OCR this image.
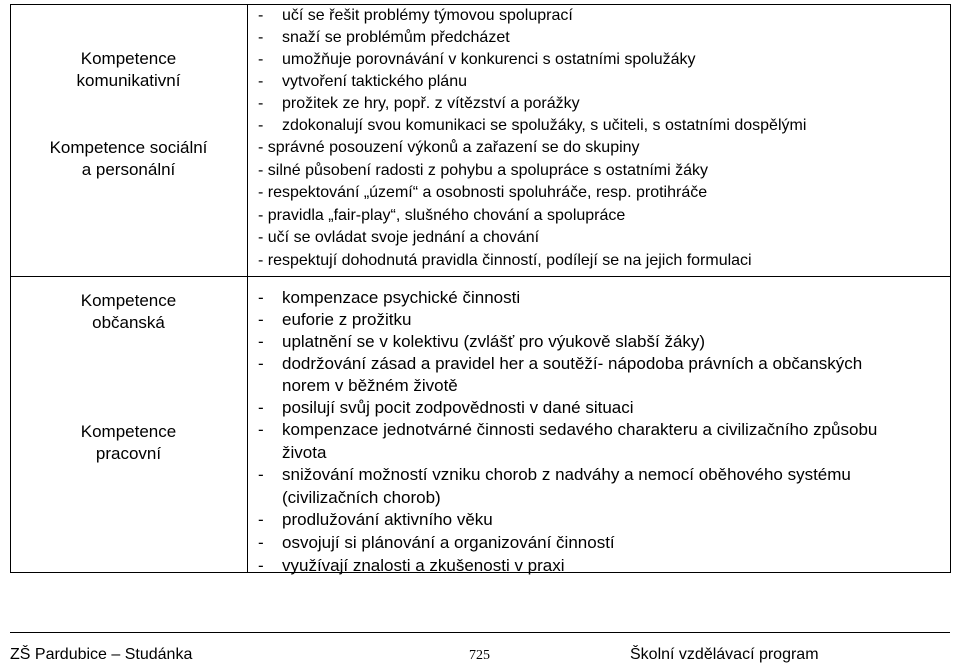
Kompetence
komunikativní
Kompetence sociální
a personální
Kompetence
občanská
Kompetence
pracovní
- učí se řešit problémy týmovou spoluprací
- snaží se problémům předcházet
- umožňuje porovnávání v konkurenci s ostatními spolužáky
- vytvoření taktického plánu
- prožitek ze hry, popř. z vítězství a porážky
- zdokonalují svou komunikaci se spolužáky, s učiteli, s ostatními dospělými
- správné posouzení výkonů a zařazení se do skupiny
- silné působení radosti z pohybu a spolupráce s ostatními žáky
- respektování „území“ a osobnosti spoluhráče, resp. protihráče
- pravidla „fair-play“, slušného chování a spolupráce
- učí se ovládat svoje jednání a chování
- respektují dohodnutá pravidla činností, podílejí se na jejich formulaci
- kompenzace psychické činnosti
- euforie z prožitku
- uplatnění se v kolektivu (zvlášť pro výukově slabší žáky)
- dodržování zásad a pravidel her a soutěží- nápodoba právních a občanských
norem v běžném životě
- posilují svůj pocit zodpovědnosti v dané situaci
- kompenzace jednotvárné činnosti sedavého charakteru a civilizačního způsobu
života
- snižování možností vzniku chorob z nadváhy a nemocí oběhového systému
(civilizačních chorob)
- prodlužování aktivního věku
- osvojují si plánování a organizování činností
- využívají znalosti a zkušenosti v praxi
ZŠ Pardubice – Studánka	725	Školní vzdělávací program
